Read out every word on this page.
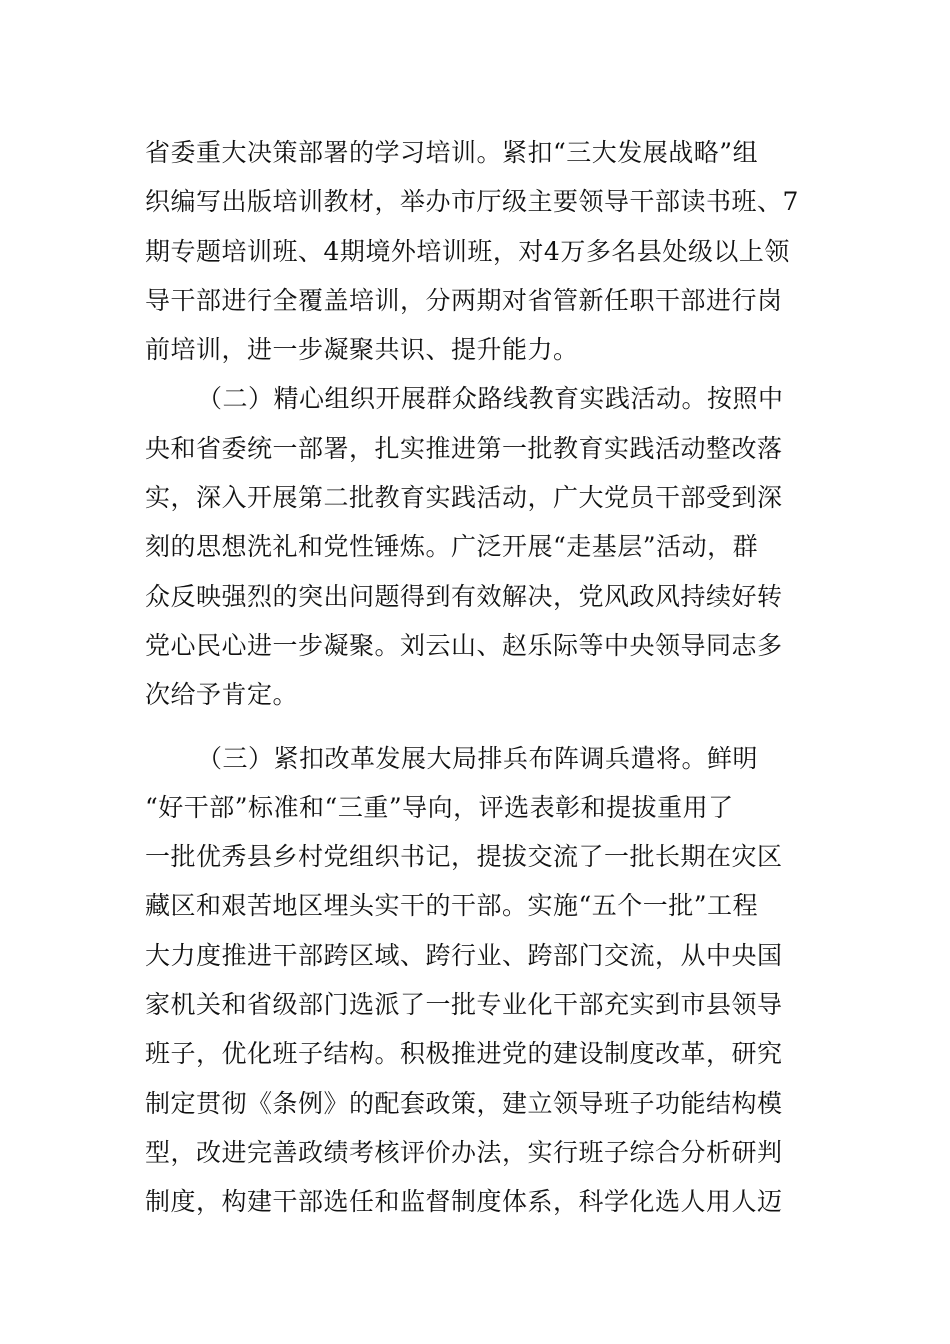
省委重大决策部署的学习培训。紧扣“三大发展战略”组
织编写出版培训教材，举办市厅级主要领导干部读书班、7
期专题培训班、4期境外培训班，对4万多名县处级以上领
导干部进行全覆盖培训，分两期对省管新任职干部进行岗
前培训，进一步凝聚共识、提升能力。
（二）精心组织开展群众路线教育实践活动。按照中
央和省委统一部署，扎实推进第一批教育实践活动整改落
实，深入开展第二批教育实践活动，广大党员干部受到深
刻的思想洗礼和党性锤炼。广泛开展“走基层”活动，群
众反映强烈的突出问题得到有效解决，党风政风持续好转
党心民心进一步凝聚。刘云山、赵乐际等中央领导同志多
次给予肯定。
（三）紧扣改革发展大局排兵布阵调兵遣将。鲜明
“好干部”标准和“三重”导向，评选表彰和提拔重用了
一批优秀县乡村党组织书记，提拔交流了一批长期在灾区
藏区和艰苦地区埋头实干的干部。实施“五个一批”工程
大力度推进干部跨区域、跨行业、跨部门交流，从中央国
家机关和省级部门选派了一批专业化干部充实到市县领导
班子，优化班子结构。积极推进党的建设制度改革，研究
制定贯彻《条例》的配套政策，建立领导班子功能结构模
型，改进完善政绩考核评价办法，实行班子综合分析研判
制度，构建干部选任和监督制度体系，科学化选人用人迈
